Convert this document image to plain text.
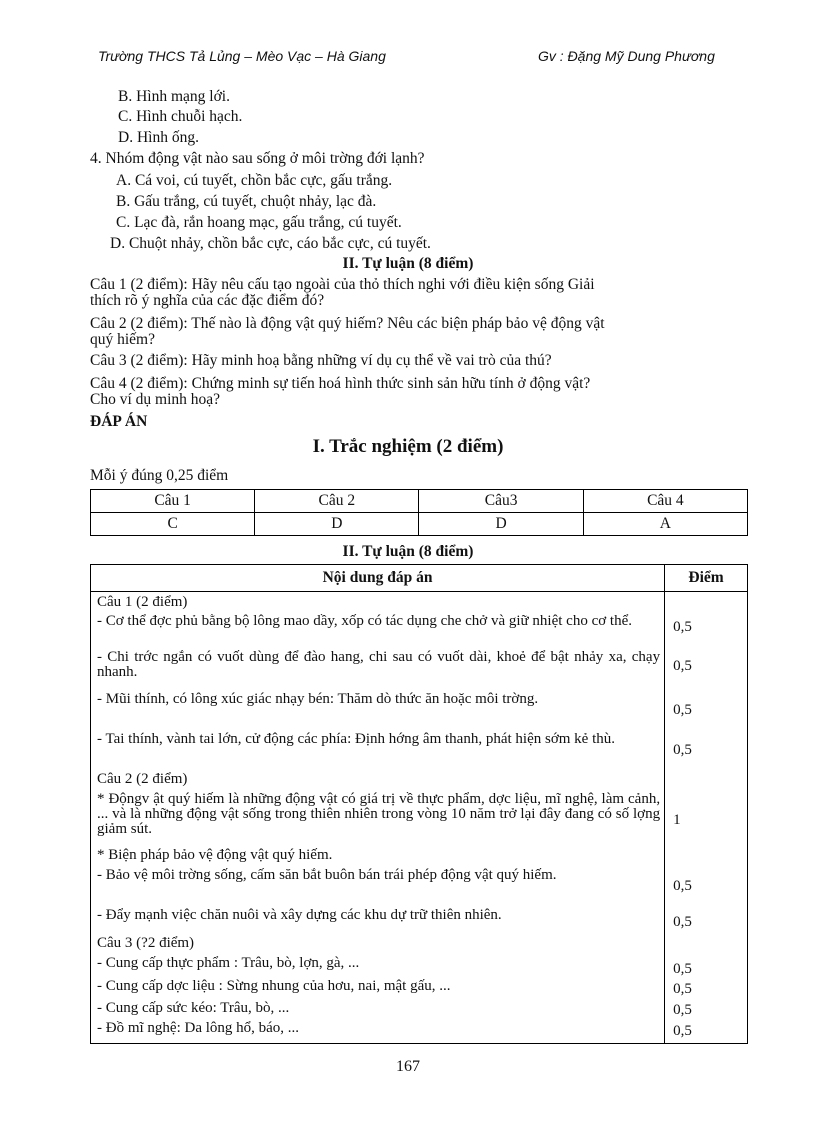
Trường THCS Tả Lủng – Mèo Vạc – Hà Giang	Gv : Đặng Mỹ Dung Phương
B. Hình mạng lới.
C. Hình chuỗi hạch.
D. Hình ống.
4. Nhóm động vật nào sau sống ở môi trờng đới lạnh?
A. Cá voi, cú tuyết, chồn bắc cực, gấu trắng.
B. Gấu trắng, cú tuyết, chuột nhảy, lạc đà.
C. Lạc đà, rắn hoang mạc, gấu trắng, cú tuyết.
D. Chuột nhảy, chồn bắc cực, cáo bắc cực, cú tuyết.
II. Tự luận (8 điểm)
Câu 1 (2 điểm): Hãy nêu cấu tạo ngoài của thỏ thích nghi với điều kiện sống Giải
thích rõ ý nghĩa của các đặc điểm đó?
Câu 2 (2 điểm): Thế nào là động vật quý hiếm? Nêu các biện pháp bảo vệ động vật
quý hiếm?
Câu 3 (2 điểm): Hãy minh hoạ bằng những ví dụ cụ thể về vai trò của thú?
Câu 4 (2 điểm): Chứng minh sự tiến hoá hình thức sinh sản hữu tính ở động vật?
Cho ví dụ minh hoạ?
ĐÁP ÁN
I. Trắc nghiệm (2 điểm)
Mỗi ý đúng 0,25 điểm
Câu 1	Câu 2	Câu3	Câu 4
C	D	D	A
II. Tự luận (8 điểm)
Nội dung đáp án	Điểm
Câu 1 (2 điểm)	
- Cơ thể đợc phủ bằng bộ lông mao dầy, xốp có tác dụng che chở và giữ nhiệt cho cơ thể.	0,5
- Chi trớc ngắn có vuốt dùng để đào hang, chi sau có vuốt dài, khoẻ để bật nhảy xa, chạy nhanh.	0,5
- Mũi thính, có lông xúc giác nhạy bén: Thăm dò thức ăn hoặc môi trờng.	0,5
- Tai thính, vành tai lớn, cử động các phía: Định hớng âm thanh, phát hiện sớm kẻ thù.	0,5
Câu 2 (2 điểm)	
* Độngv ật quý hiếm là những động vật có giá trị về thực phẩm, dợc liệu, mĩ nghệ, làm cảnh, ... và là những động vật sống trong thiên nhiên trong vòng 10 năm trở lại đây đang có số lợng giảm sút.	1
* Biện pháp bảo vệ động vật quý hiếm.	
- Bảo vệ môi trờng sống, cấm săn bắt buôn bán trái phép động vật quý hiếm.	0,5
- Đẩy mạnh việc chăn nuôi và xây dựng các khu dự trữ thiên nhiên.	0,5
Câu 3 (?2 điểm)	
- Cung cấp thực phẩm : Trâu, bò, lợn, gà, ...	0,5
- Cung cấp dợc liệu : Sừng nhung của hơu, nai, mật gấu, ...	0,5
- Cung cấp sức kéo: Trâu, bò, ...	0,5
- Đồ mĩ nghệ: Da lông hổ, báo, ...	0,5
167
